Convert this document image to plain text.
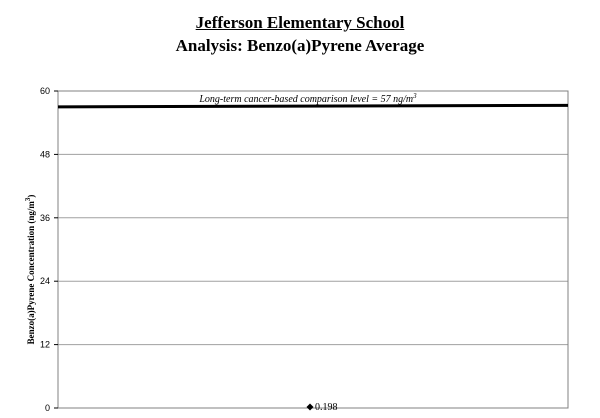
Jefferson Elementary School
Analysis: Benzo(a)Pyrene Average
0
12
24
36
48
60
Long-term cancer-based comparison level = 57 $ng/m^3$
0.198
Benzo(a)Pyrene Concentration $(ng/m^3)$
